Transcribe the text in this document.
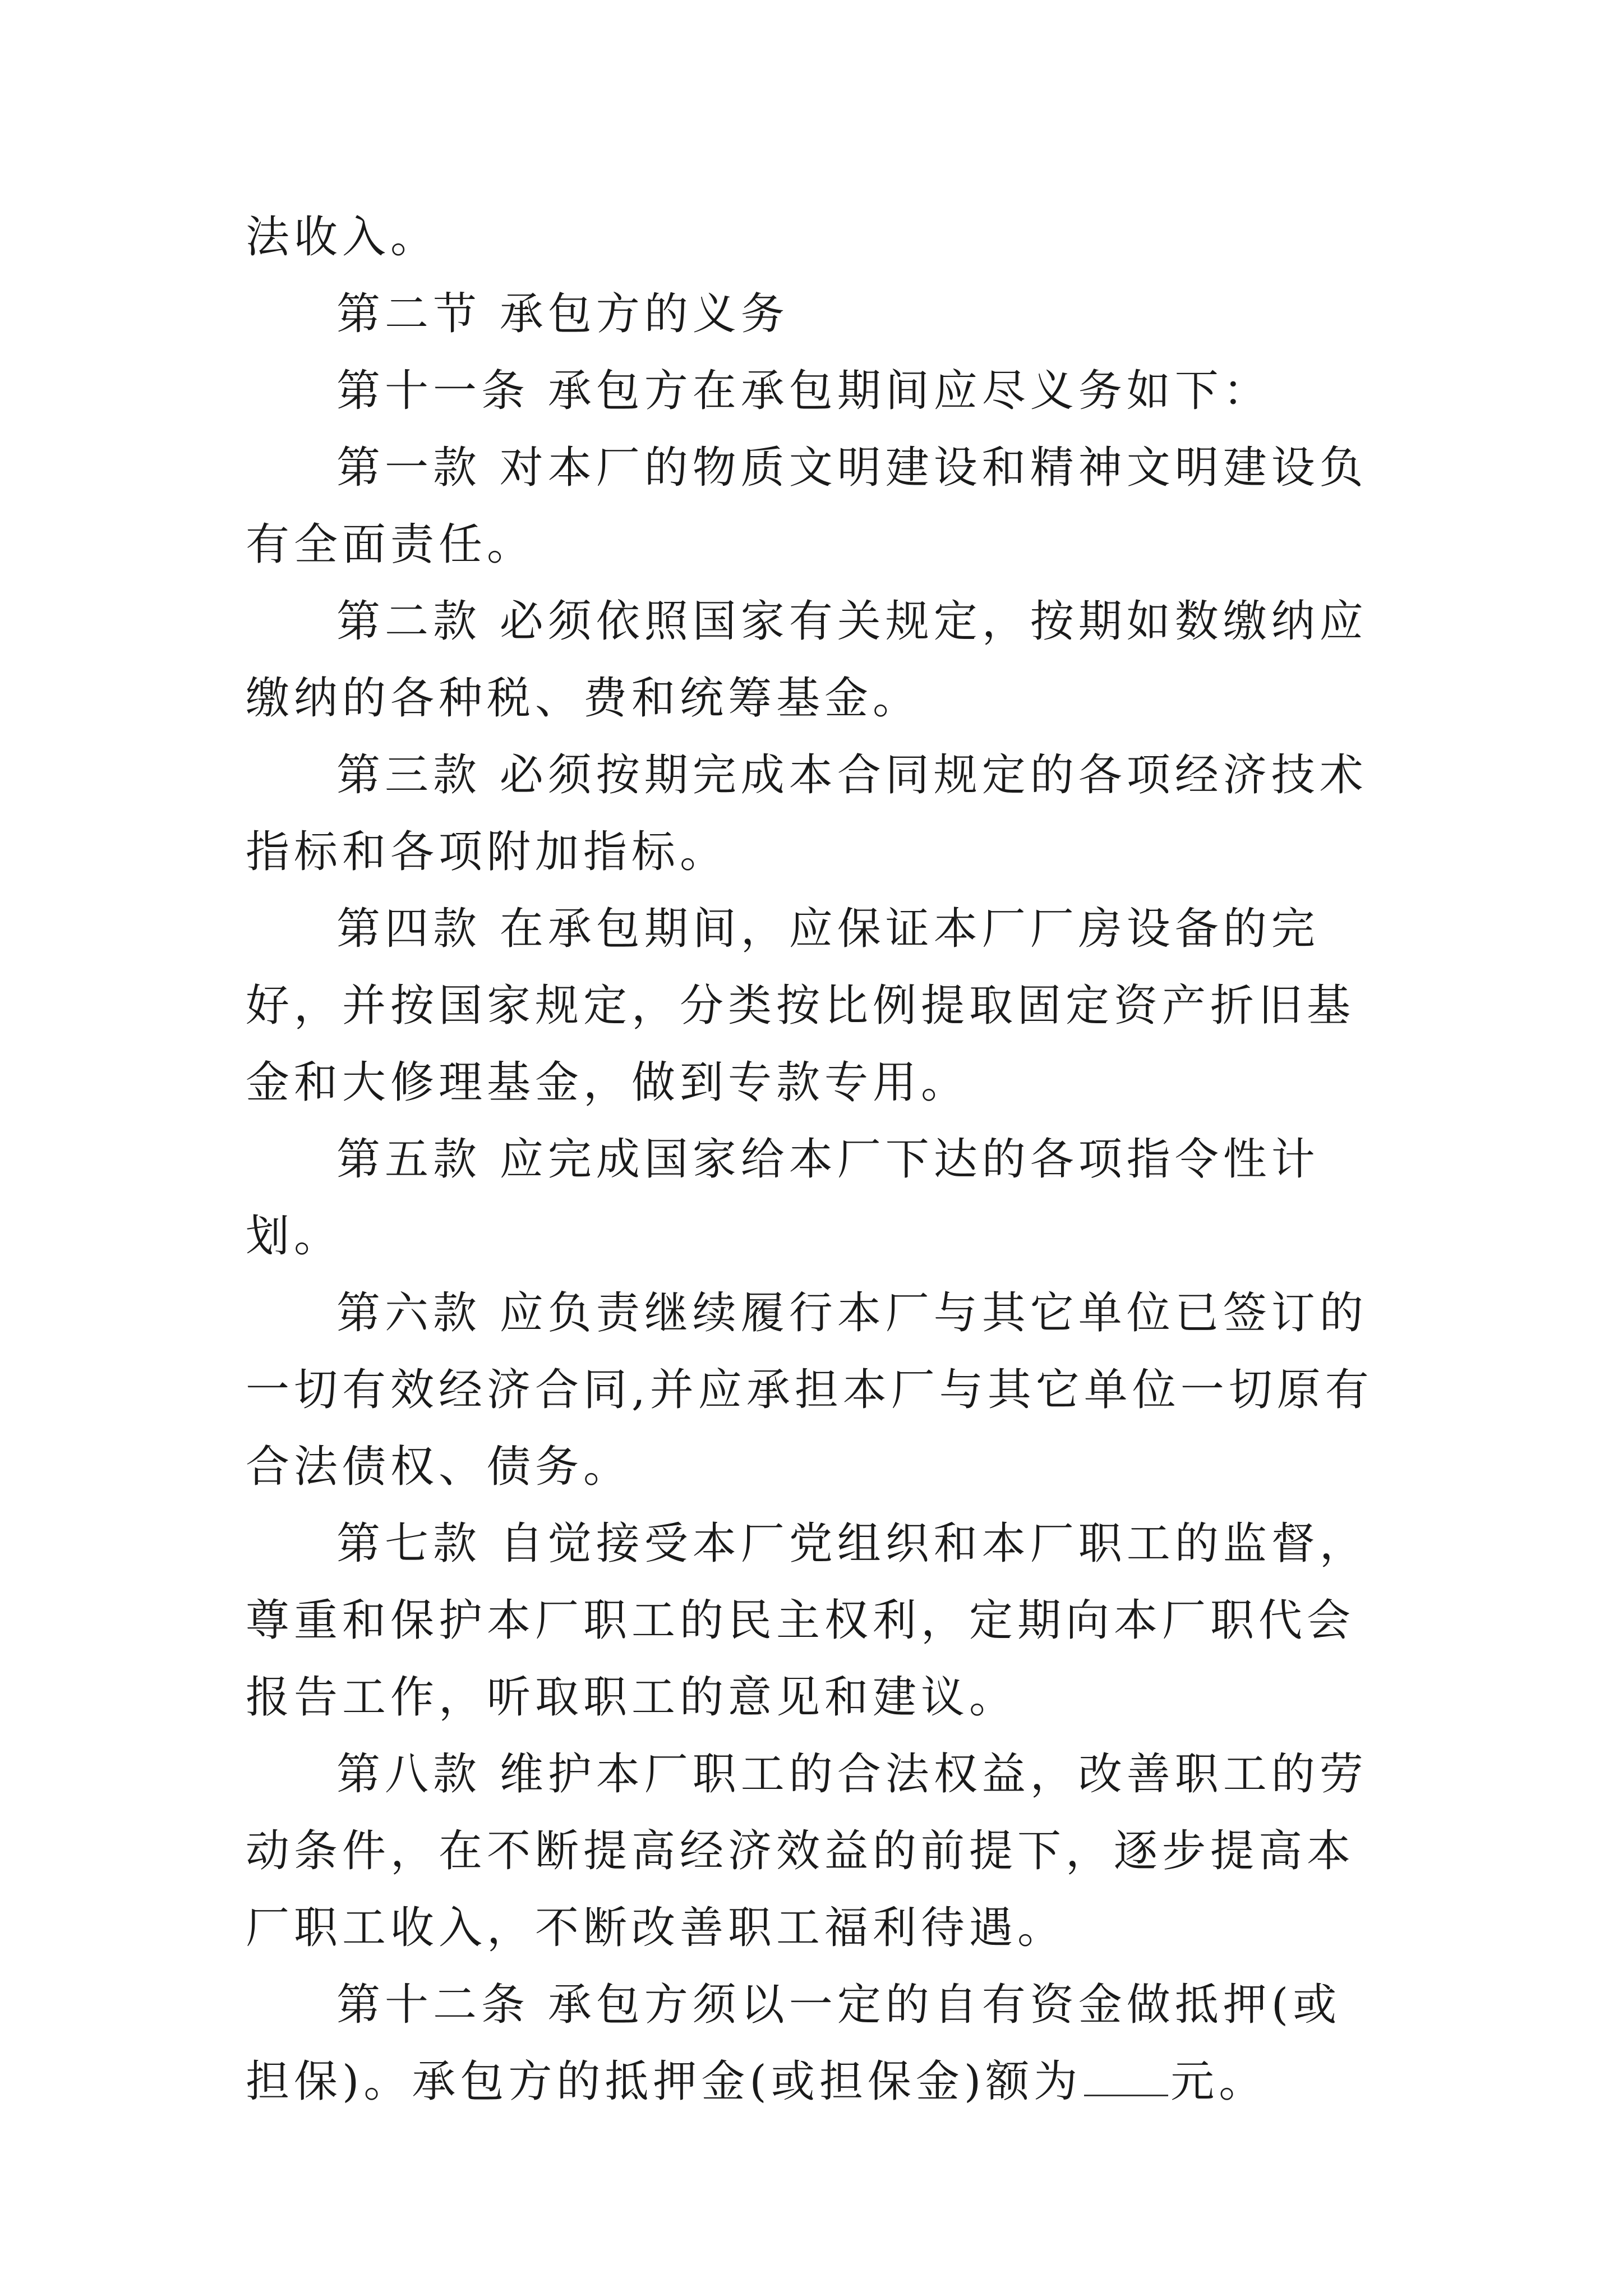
法收入。

第二节 承包方的义务

第十一条 承包方在承包期间应尽义务如下：

第一款 对本厂的物质文明建设和精神文明建设负有全面责任。

第二款 必须依照国家有关规定，按期如数缴纳应缴纳的各种税、费和统筹基金。

第三款 必须按期完成本合同规定的各项经济技术指标和各项附加指标。

第四款 在承包期间，应保证本厂厂房设备的完好，并按国家规定，分类按比例提取固定资产折旧基金和大修理基金，做到专款专用。

第五款 应完成国家给本厂下达的各项指令性计划。

第六款 应负责继续履行本厂与其它单位已签订的一切有效经济合同,并应承担本厂与其它单位一切原有合法债权、债务。

第七款 自觉接受本厂党组织和本厂职工的监督，尊重和保护本厂职工的民主权利，定期向本厂职代会报告工作，听取职工的意见和建议。

第八款 维护本厂职工的合法权益，改善职工的劳动条件，在不断提高经济效益的前提下，逐步提高本厂职工收入，不断改善职工福利待遇。

第十二条 承包方须以一定的自有资金做抵押(或担保)。承包方的抵押金(或担保金)额为 元。
